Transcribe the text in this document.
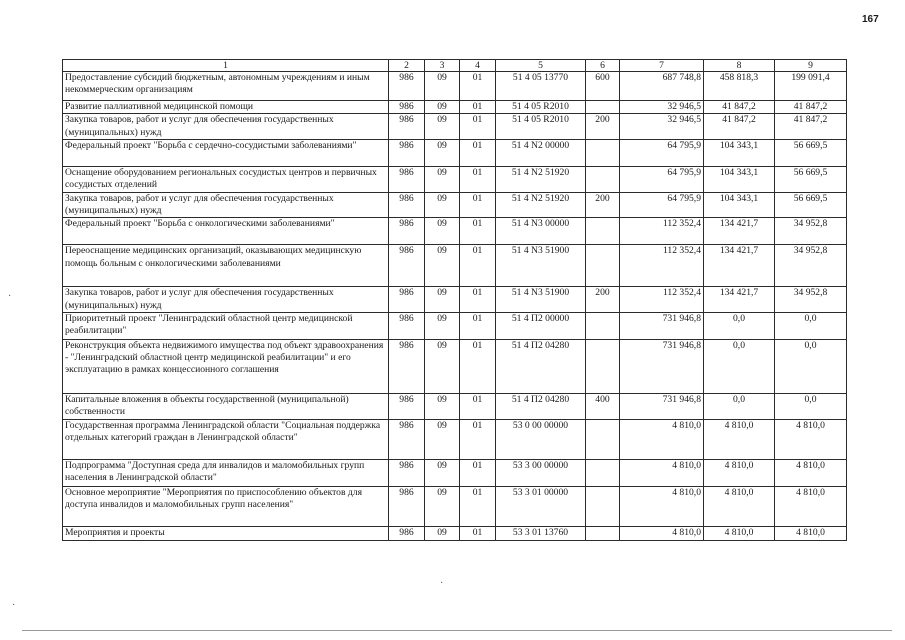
167
1	2	3	4	5	6	7	8	9
Предоставление субсидий бюджетным, автономным учреждениям и иным некоммерческим организациям	986	09	01	51 4 05 13770	600	687 748,8	458 818,3	199 091,4
Развитие паллиативной медицинской помощи	986	09	01	51 4 05 R2010		32 946,5	41 847,2	41 847,2
Закупка товаров, работ и услуг для обеспечения государственных (муниципальных) нужд	986	09	01	51 4 05 R2010	200	32 946,5	41 847,2	41 847,2
Федеральный проект "Борьба с сердечно-сосудистыми заболеваниями"	986	09	01	51 4 N2 00000		64 795,9	104 343,1	56 669,5
Оснащение оборудованием региональных сосудистых центров и первичных сосудистых отделений	986	09	01	51 4 N2 51920		64 795,9	104 343,1	56 669,5
Закупка товаров, работ и услуг для обеспечения государственных (муниципальных) нужд	986	09	01	51 4 N2 51920	200	64 795,9	104 343,1	56 669,5
Федеральный проект "Борьба с онкологическими заболеваниями"	986	09	01	51 4 N3 00000		112 352,4	134 421,7	34 952,8
Переоснащение медицинских организаций, оказывающих медицинскую помощь больным с онкологическими заболеваниями	986	09	01	51 4 N3 51900		112 352,4	134 421,7	34 952,8
Закупка товаров, работ и услуг для обеспечения государственных (муниципальных) нужд	986	09	01	51 4 N3 51900	200	112 352,4	134 421,7	34 952,8
Приоритетный проект "Ленинградский областной центр медицинской реабилитации"	986	09	01	51 4 П2 00000		731 946,8	0,0	0,0
Реконструкция объекта недвижимого имущества под объект здравоохранения - "Ленинградский областной центр медицинской реабилитации" и его эксплуатацию в рамках концессионного соглашения	986	09	01	51 4 П2 04280		731 946,8	0,0	0,0
Капитальные вложения в объекты государственной (муниципальной) собственности	986	09	01	51 4 П2 04280	400	731 946,8	0,0	0,0
Государственная программа Ленинградской области "Социальная поддержка отдельных категорий граждан в Ленинградской области"	986	09	01	53 0 00 00000		4 810,0	4 810,0	4 810,0
Подпрограмма "Доступная среда для инвалидов и маломобильных групп населения в Ленинградской области"	986	09	01	53 3 00 00000		4 810,0	4 810,0	4 810,0
Основное мероприятие "Мероприятия по приспособлению объектов для доступа инвалидов и маломобильных групп населения"	986	09	01	53 3 01 00000		4 810,0	4 810,0	4 810,0
Мероприятия и проекты	986	09	01	53 3 01 13760		4 810,0	4 810,0	4 810,0
·
·
·
